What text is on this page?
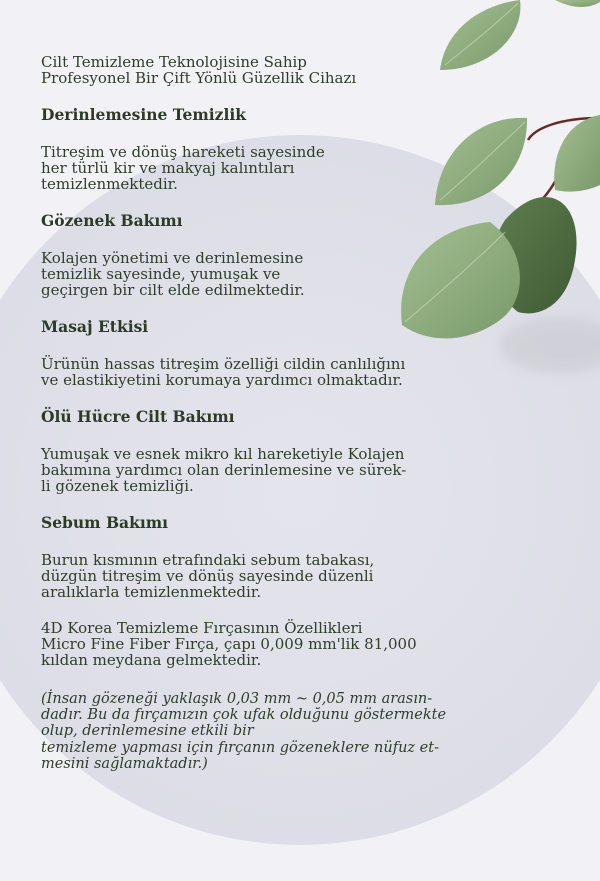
Cilt Temizleme Teknolojisine Sahip
Profesyonel Bir Çift Yönlü Güzellik Cihazı
Derinlemesine Temizlik

Titreşim ve dönüş hareketi sayesinde
her türlü kir ve makyaj kalıntıları
temizlenmektedir.

Gözenek Bakımı

Kolajen yönetimi ve derinlemesine
temizlik sayesinde, yumuşak ve
geçirgen bir cilt elde edilmektedir.

Masaj Etkisi

Ürünün hassas titreşim özelliği cildin canlılığını
ve elastikiyetini korumaya yardımcı olmaktadır.

Ölü Hücre Cilt Bakımı

Yumuşak ve esnek mikro kıl hareketiyle Kolajen
bakımına yardımcı olan derinlemesine ve sürek-
li gözenek temizliği.

Sebum Bakımı

Burun kısmının etrafındaki sebum tabakası,
düzgün titreşim ve dönüş sayesinde düzenli
aralıklarla temizlenmektedir.

4D Korea Temizleme Fırçasının Özellikleri
Micro Fine Fiber Fırça, çapı 0,009 mm'lik 81,000
kıldan meydana gelmektedir.
(İnsan gözeneği yaklaşık 0,03 mm ~ 0,05 mm arasın-
dadır. Bu da fırçamızın çok ufak olduğunu göstermekte
olup, derinlemesine etkili bir
temizleme yapması için fırçanın gözeneklere nüfuz et-
mesini sağlamaktadır.)
